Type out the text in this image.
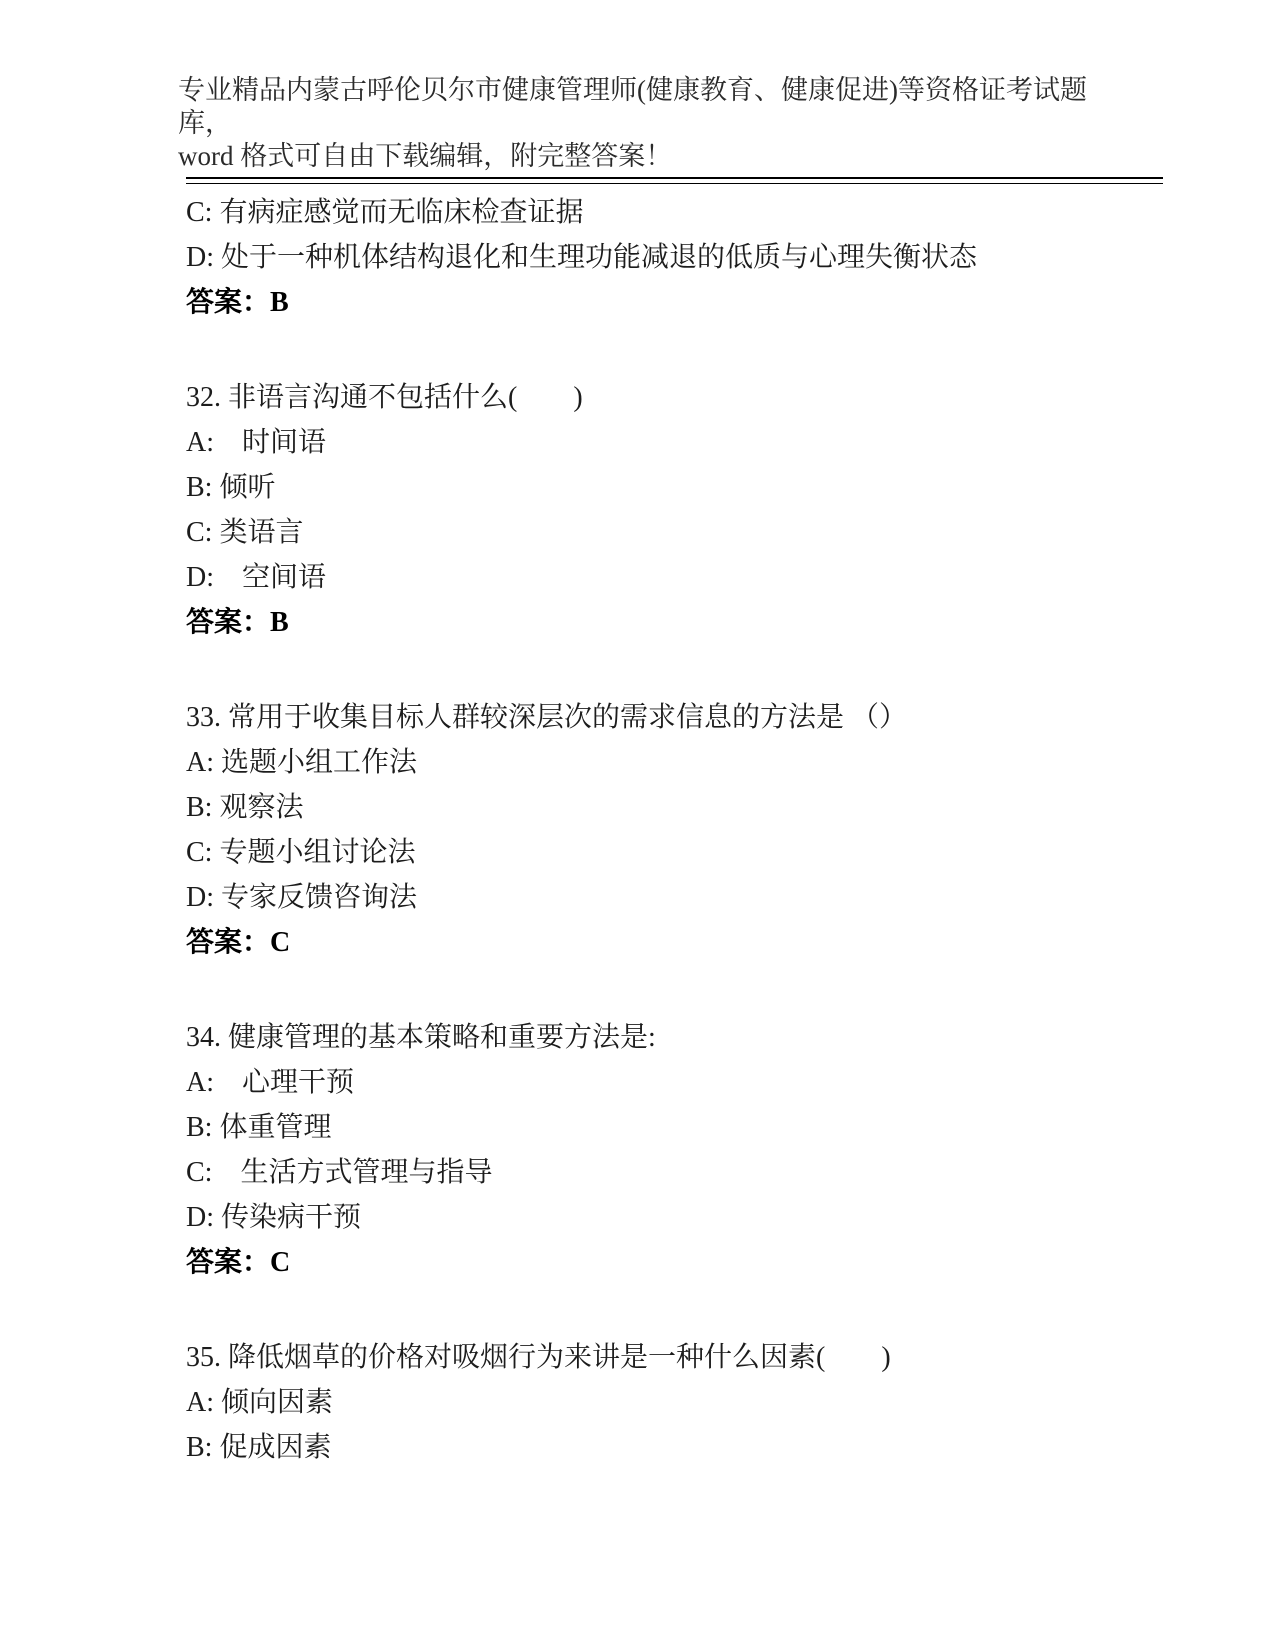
专业精品内蒙古呼伦贝尔市健康管理师(健康教育、健康促进)等资格证考试题库，

word 格式可自由下载编辑，附完整答案！

C: 有病症感觉而无临床检查证据

D: 处于一种机体结构退化和生理功能减退的低质与心理失衡状态

答案：B

32. 非语言沟通不包括什么(　　)

A:　时间语

B: 倾听

C: 类语言

D:　空间语

答案：B

33. 常用于收集目标人群较深层次的需求信息的方法是 （）

A: 选题小组工作法

B: 观察法

C: 专题小组讨论法

D: 专家反馈咨询法

答案：C

34. 健康管理的基本策略和重要方法是:

A:　心理干预

B: 体重管理

C:　生活方式管理与指导

D: 传染病干预

答案：C

35. 降低烟草的价格对吸烟行为来讲是一种什么因素(　　)

A: 倾向因素

B: 促成因素
